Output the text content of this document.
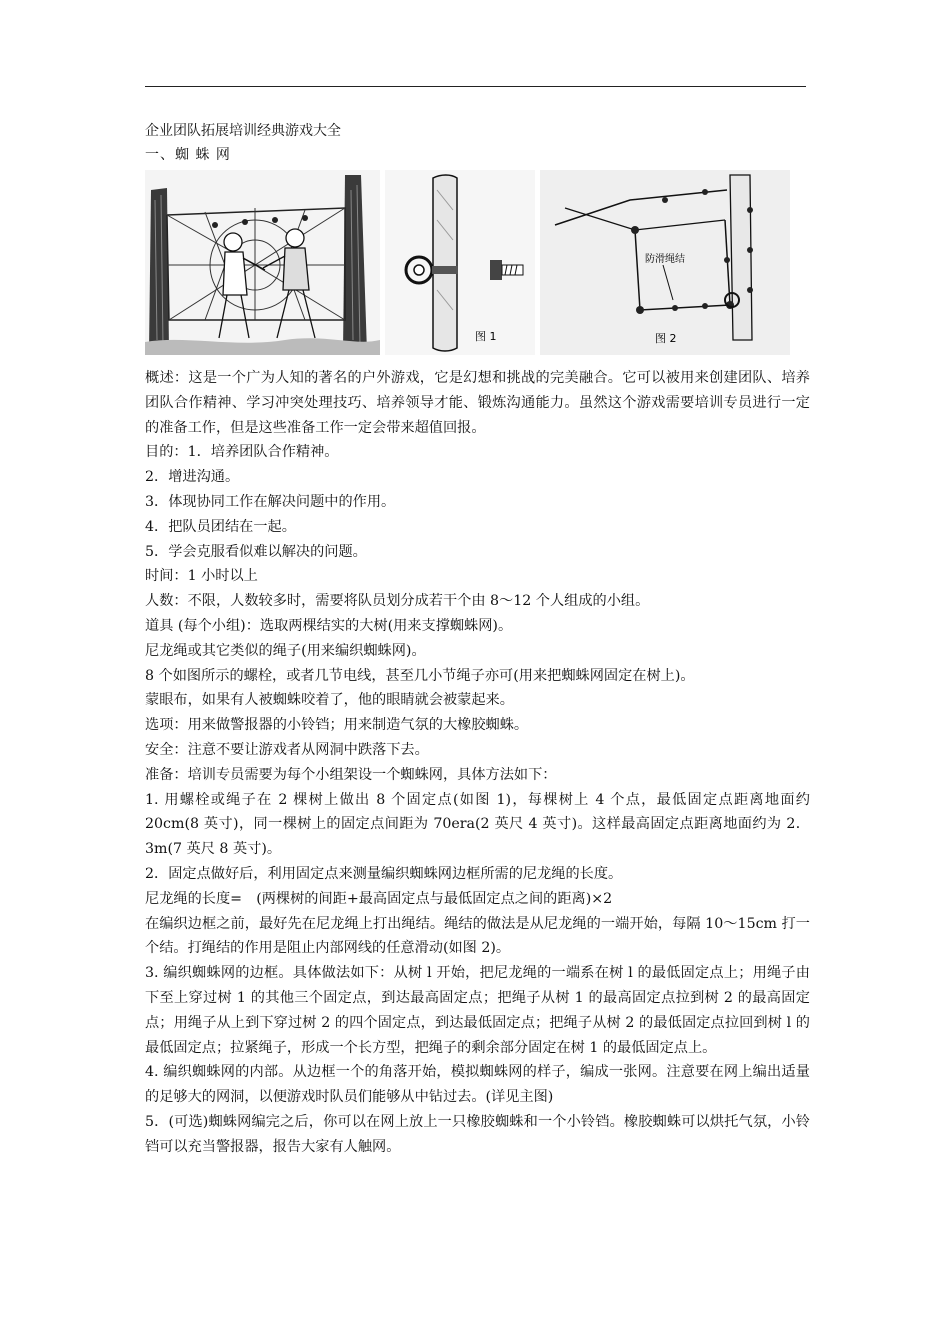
企业团队拓展培训经典游戏大全
一、蜘 蛛 网
图 1
防滑绳结
图 2

概述：这是一个广为人知的著名的户外游戏，它是幻想和挑战的完美融合。它可以被用来创建团队、培养团队合作精神、学习冲突处理技巧、培养领导才能、锻炼沟通能力。虽然这个游戏需要培训专员进行一定的准备工作，但是这些准备工作一定会带来超值回报。

目的：1．培养团队合作精神。

2．增进沟通。

3．体现协同工作在解决问题中的作用。

4．把队员团结在一起。

5．学会克服看似难以解决的问题。

时间：1 小时以上

人数：不限，人数较多时，需要将队员划分成若干个由 8～12 个人组成的小组。

道具 (每个小组)：选取两棵结实的大树(用来支撑蜘蛛网)。

尼龙绳或其它类似的绳子(用来编织蜘蛛网)。

8 个如图所示的螺栓，或者几节电线，甚至几小节绳子亦可(用来把蜘蛛网固定在树上)。

蒙眼布，如果有人被蜘蛛咬着了，他的眼睛就会被蒙起来。

选项：用来做警报器的小铃铛；用来制造气氛的大橡胶蜘蛛。

安全：注意不要让游戏者从网洞中跌落下去。

准备：培训专员需要为每个小组架设一个蜘蛛网，具体方法如下：

1. 用螺栓或绳子在 2 棵树上做出 8 个固定点(如图 1)，每棵树上 4 个点，最低固定点距离地面约 20cm(8 英寸)，同一棵树上的固定点间距为 70era(2 英尺 4 英寸)。这样最高固定点距离地面约为 2．3m(7 英尺 8 英寸)。

2．固定点做好后，利用固定点来测量编织蜘蛛网边框所需的尼龙绳的长度。

尼龙绳的长度=　(两棵树的间距+最高固定点与最低固定点之间的距离)×2

在编织边框之前，最好先在尼龙绳上打出绳结。绳结的做法是从尼龙绳的一端开始，每隔 10～15cm 打一个结。打绳结的作用是阻止内部网线的任意滑动(如图 2)。

3. 编织蜘蛛网的边框。具体做法如下：从树 l 开始，把尼龙绳的一端系在树 l 的最低固定点上；用绳子由下至上穿过树 1 的其他三个固定点，到达最高固定点；把绳子从树 1 的最高固定点拉到树 2 的最高固定点；用绳子从上到下穿过树 2 的四个固定点，到达最低固定点；把绳子从树 2 的最低固定点拉回到树 l 的最低固定点；拉紧绳子，形成一个长方型，把绳子的剩余部分固定在树 1 的最低固定点上。

4. 编织蜘蛛网的内部。从边框一个的角落开始，模拟蜘蛛网的样子，编成一张网。注意要在网上编出适量的足够大的网洞，以便游戏时队员们能够从中钻过去。(详见主图)

5．(可选)蜘蛛网编完之后，你可以在网上放上一只橡胶蜘蛛和一个小铃铛。橡胶蜘蛛可以烘托气氛，小铃铛可以充当警报器，报告大家有人触网。
